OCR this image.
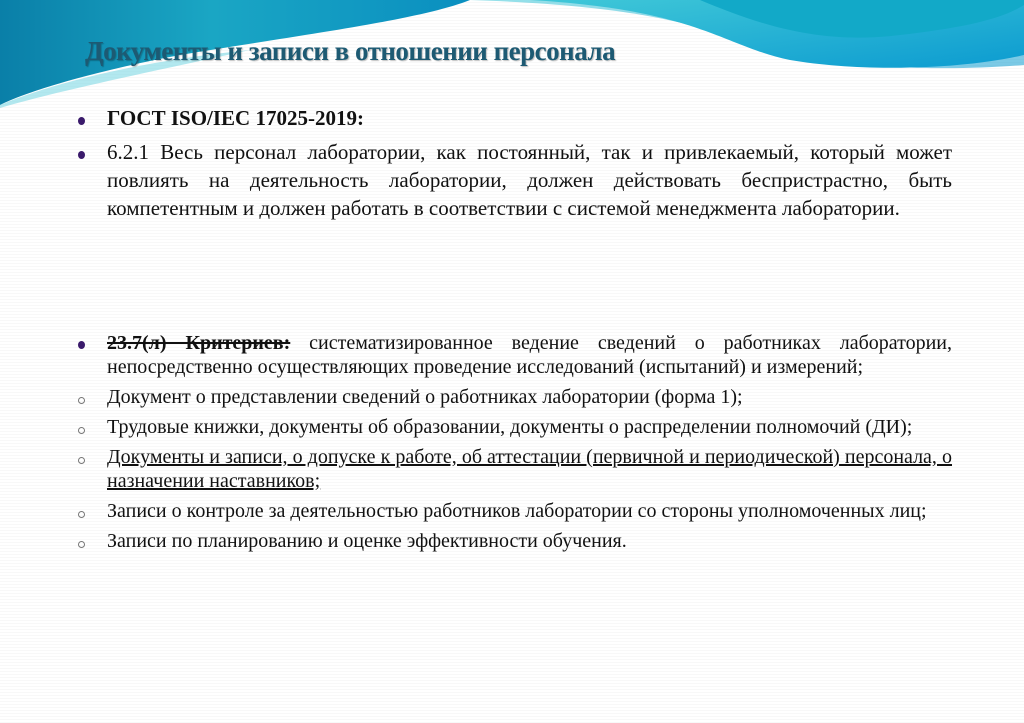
Документы и записи в отношении персонала
ГОСТ ISO/IEC 17025-2019:
6.2.1 Весь персонал лаборатории, как постоянный, так и привлекаемый, который может повлиять на деятельность лаборатории, должен действовать беспристрастно, быть компетентным и должен работать в соответствии с системой менеджмента лаборатории.
23.7(л) Критериев: систематизированное ведение сведений о работниках лаборатории, непосредственно осуществляющих проведение исследований (испытаний) и измерений;
Документ о представлении сведений о работниках лаборатории (форма 1);
Трудовые книжки, документы об образовании, документы о распределении полномочий (ДИ);
Документы и записи, о допуске к работе, об аттестации (первичной и периодической) персонала, о назначении наставников;
Записи о контроле за деятельностью работников лаборатории со стороны уполномоченных лиц;
Записи по планированию и оценке эффективности обучения.
